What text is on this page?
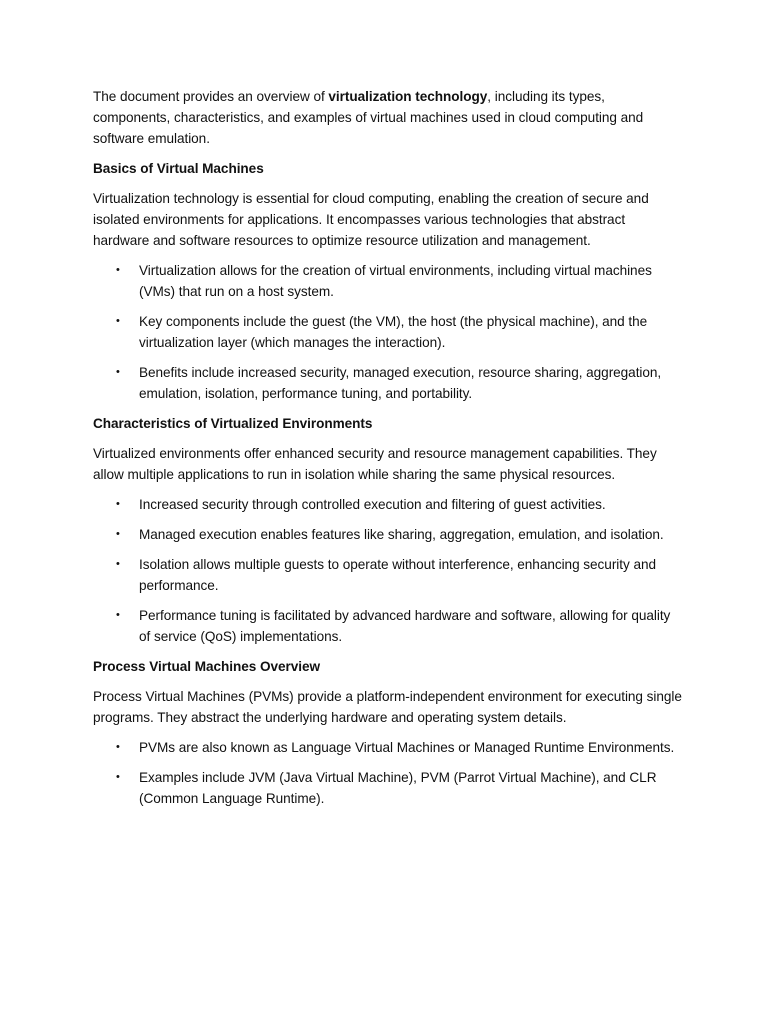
The document provides an overview of virtualization technology, including its types, components, characteristics, and examples of virtual machines used in cloud computing and software emulation.

Basics of Virtual Machines

Virtualization technology is essential for cloud computing, enabling the creation of secure and isolated environments for applications. It encompasses various technologies that abstract hardware and software resources to optimize resource utilization and management.

• Virtualization allows for the creation of virtual environments, including virtual machines (VMs) that run on a host system.
• Key components include the guest (the VM), the host (the physical machine), and the virtualization layer (which manages the interaction).
• Benefits include increased security, managed execution, resource sharing, aggregation, emulation, isolation, performance tuning, and portability.

Characteristics of Virtualized Environments

Virtualized environments offer enhanced security and resource management capabilities. They allow multiple applications to run in isolation while sharing the same physical resources.

• Increased security through controlled execution and filtering of guest activities.
• Managed execution enables features like sharing, aggregation, emulation, and isolation.
• Isolation allows multiple guests to operate without interference, enhancing security and performance.
• Performance tuning is facilitated by advanced hardware and software, allowing for quality of service (QoS) implementations.

Process Virtual Machines Overview

Process Virtual Machines (PVMs) provide a platform-independent environment for executing single programs. They abstract the underlying hardware and operating system details.

• PVMs are also known as Language Virtual Machines or Managed Runtime Environments.
• Examples include JVM (Java Virtual Machine), PVM (Parrot Virtual Machine), and CLR (Common Language Runtime).
